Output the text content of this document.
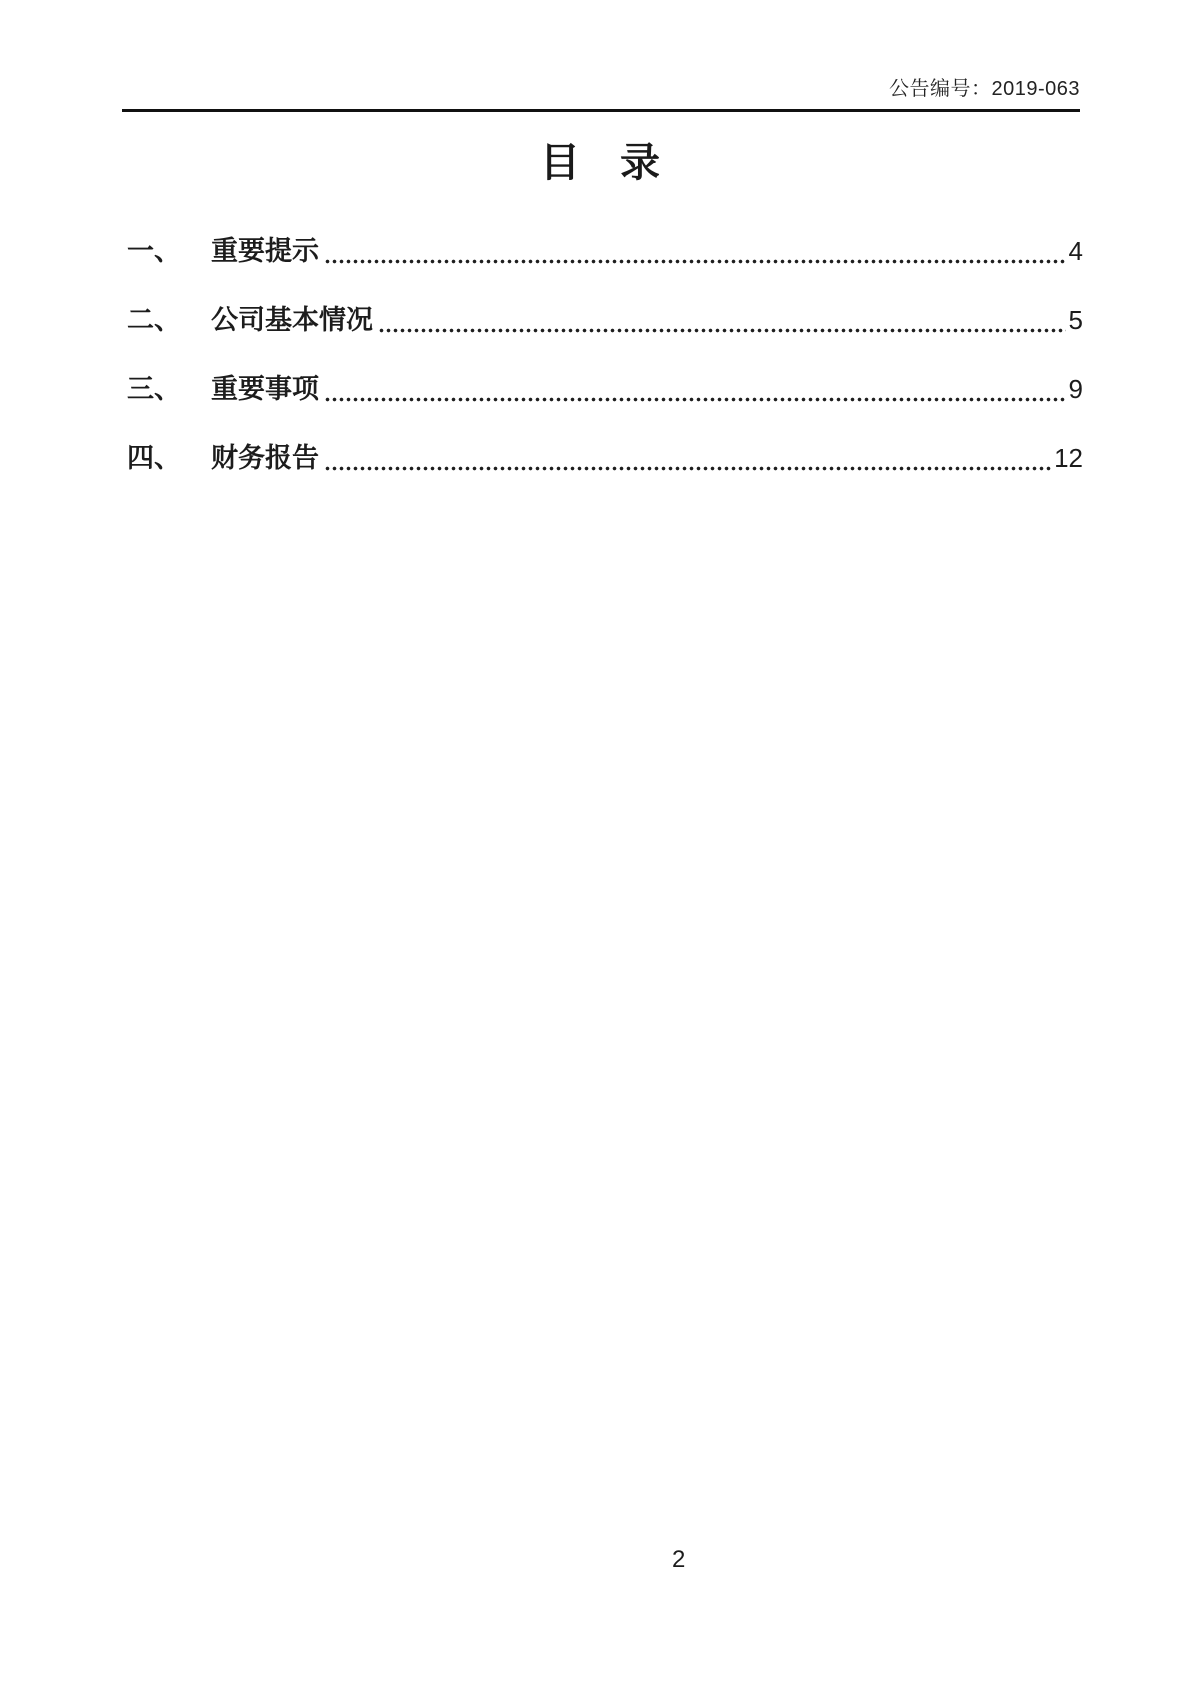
公告编号：2019-063
目　录
一、	重要提示	4
二、	公司基本情况	5
三、	重要事项	9
四、	财务报告	12
2
